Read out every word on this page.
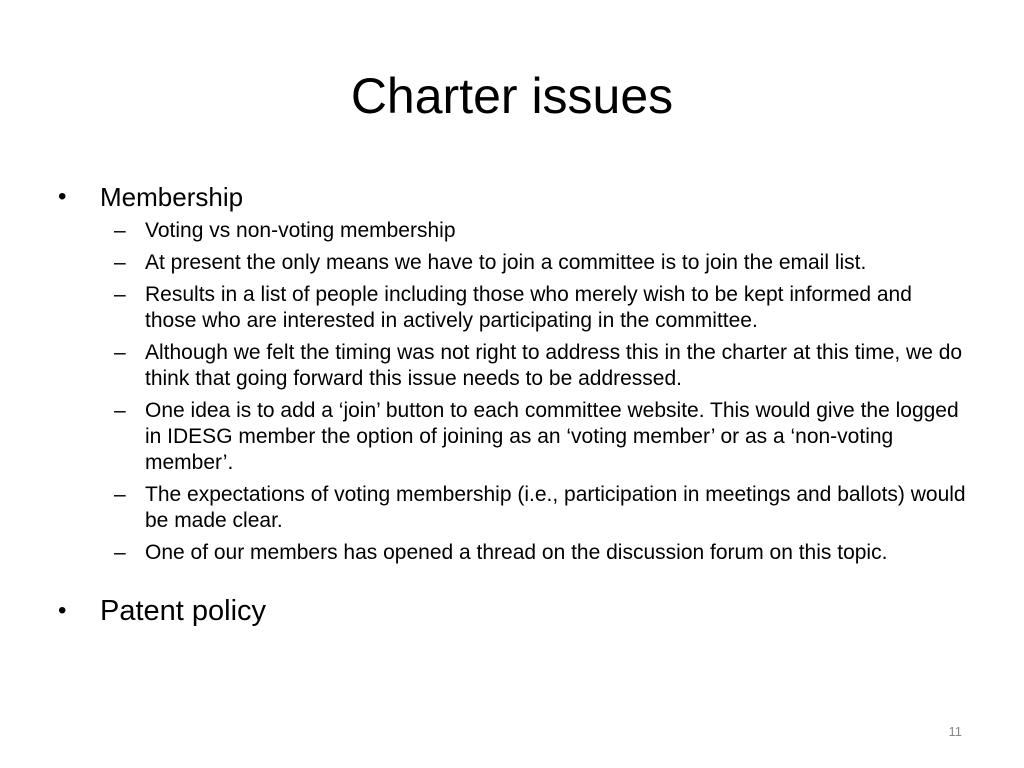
Charter issues
•	Membership
– Voting vs non-voting membership
– At present the only means we have to join a committee is to join the email list.
– Results in a list of people including those who merely wish to be kept informed and those who are interested in actively participating in the committee.
– Although we felt the timing was not right to address this in the charter at this time, we do think that going forward this issue needs to be addressed.
– One idea is to add a ‘join’ button to each committee website. This would give the logged in IDESG member the option of joining as an ‘voting member’ or as a ‘non-voting member’.
– The expectations of voting membership (i.e., participation in meetings and ballots) would be made clear.
– One of our members has opened a thread on the discussion forum on this topic.
•	Patent policy
11
